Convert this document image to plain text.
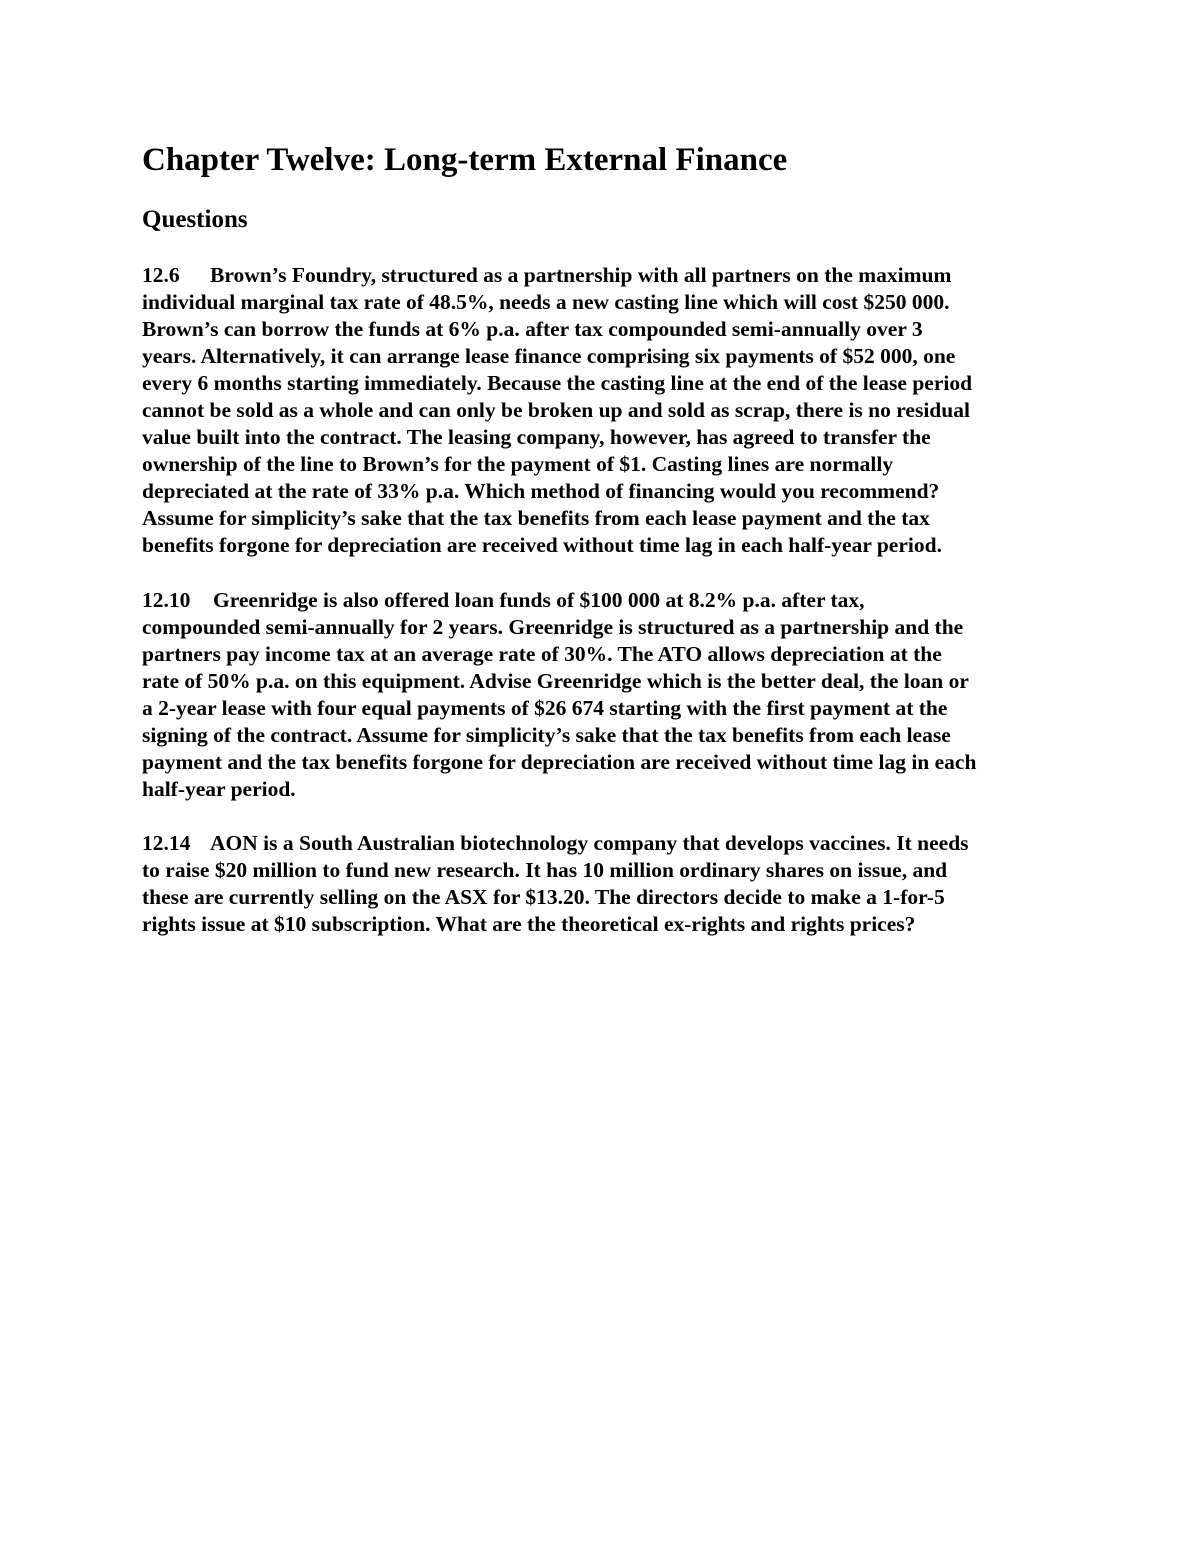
Chapter Twelve: Long-term External Finance
Questions
12.6 Brown’s Foundry, structured as a partnership with all partners on the maximum
individual marginal tax rate of 48.5%, needs a new casting line which will cost $250 000.
Brown’s can borrow the funds at 6% p.a. after tax compounded semi-annually over 3
years. Alternatively, it can arrange lease finance comprising six payments of $52 000, one
every 6 months starting immediately. Because the casting line at the end of the lease period
cannot be sold as a whole and can only be broken up and sold as scrap, there is no residual
value built into the contract. The leasing company, however, has agreed to transfer the
ownership of the line to Brown’s for the payment of $1. Casting lines are normally
depreciated at the rate of 33% p.a. Which method of financing would you recommend?
Assume for simplicity’s sake that the tax benefits from each lease payment and the tax
benefits forgone for depreciation are received without time lag in each half-year period.
12.10 Greenridge is also offered loan funds of $100 000 at 8.2% p.a. after tax,
compounded semi-annually for 2 years. Greenridge is structured as a partnership and the
partners pay income tax at an average rate of 30%. The ATO allows depreciation at the
rate of 50% p.a. on this equipment. Advise Greenridge which is the better deal, the loan or
a 2-year lease with four equal payments of $26 674 starting with the first payment at the
signing of the contract. Assume for simplicity’s sake that the tax benefits from each lease
payment and the tax benefits forgone for depreciation are received without time lag in each
half-year period.
12.14 AON is a South Australian biotechnology company that develops vaccines. It needs
to raise $20 million to fund new research. It has 10 million ordinary shares on issue, and
these are currently selling on the ASX for $13.20. The directors decide to make a 1-for-5
rights issue at $10 subscription. What are the theoretical ex-rights and rights prices?
